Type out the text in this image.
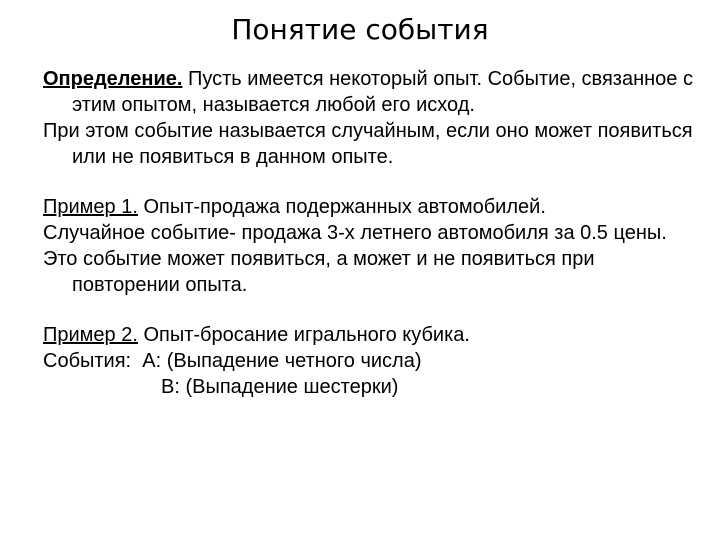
Понятие события

Определение. Пусть имеется некоторый опыт. Событие, связанное с этим опытом, называется любой его исход.

При этом событие называется случайным, если оно может появиться или не появиться в данном опыте.

Пример 1. Опыт-продажа подержанных автомобилей.

Случайное событие- продажа 3-х летнего автомобиля за 0.5 цены.

Это событие может появиться, а может и не появиться при повторении опыта.

Пример 2. Опыт-бросание игрального кубика.

События: A: (Выпадение четного числа)

B: (Выпадение шестерки)
